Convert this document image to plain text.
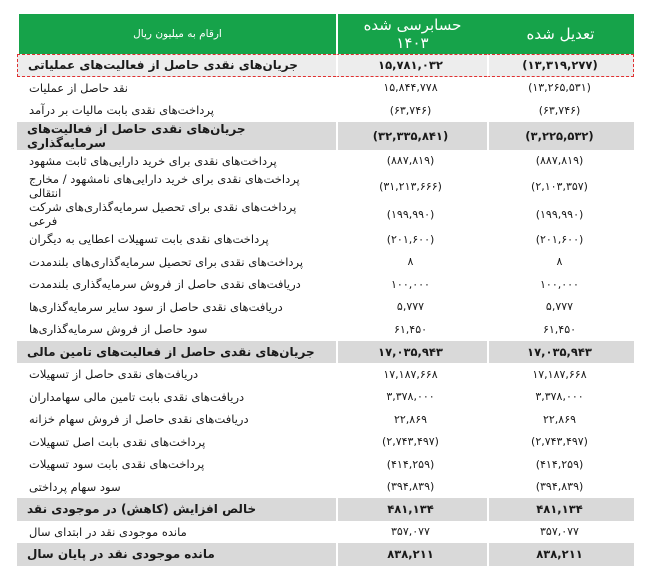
تعدیل شده	حسابرسی شده ۱۴۰۳	ارقام به میلیون ریال
(۱۳,۳۱۹,۲۷۷)	۱۵,۷۸۱,۰۳۲	جریان‌های نقدی حاصل از فعالیت‌های عملیاتی
(۱۳,۲۶۵,۵۳۱)	۱۵,۸۴۴,۷۷۸	نقد حاصل از عملیات
(۶۳,۷۴۶)	(۶۳,۷۴۶)	پرداخت‌های نقدی بابت مالیات بر درآمد
(۳,۲۲۵,۵۳۲)	(۳۲,۳۳۵,۸۴۱)	جریان‌های نقدی حاصل از فعالیت‌های سرمایه‌گذاری
(۸۸۷,۸۱۹)	(۸۸۷,۸۱۹)	پرداخت‌های نقدی برای خرید دارایی‌های ثابت مشهود
(۲,۱۰۳,۳۵۷)	(۳۱,۲۱۳,۶۶۶)	پرداخت‌های نقدی برای خرید دارایی‌های نامشهود / مخارج انتقالی
(۱۹۹,۹۹۰)	(۱۹۹,۹۹۰)	پرداخت‌های نقدی برای تحصیل سرمایه‌گذاری‌های شرکت فرعی
(۲۰۱,۶۰۰)	(۲۰۱,۶۰۰)	پرداخت‌های نقدی بابت تسهیلات اعطایی به دیگران
۸	۸	پرداخت‌های نقدی برای تحصیل سرمایه‌گذاری‌های بلندمدت
۱۰۰,۰۰۰	۱۰۰,۰۰۰	دریافت‌های نقدی حاصل از فروش سرمایه‌گذاری بلندمدت
۵,۷۷۷	۵,۷۷۷	دریافت‌های نقدی حاصل از سود سایر سرمایه‌گذاری‌ها
۶۱,۴۵۰	۶۱,۴۵۰	سود حاصل از فروش سرمایه‌گذاری‌ها
۱۷,۰۳۵,۹۴۳	۱۷,۰۳۵,۹۴۳	جریان‌های نقدی حاصل از فعالیت‌های تامین مالی
۱۷,۱۸۷,۶۶۸	۱۷,۱۸۷,۶۶۸	دریافت‌های نقدی حاصل از تسهیلات
۳,۳۷۸,۰۰۰	۳,۳۷۸,۰۰۰	دریافت‌های نقدی بابت تامین مالی سهامداران
۲۲,۸۶۹	۲۲,۸۶۹	دریافت‌های نقدی حاصل از فروش سهام خزانه
(۲,۷۴۳,۴۹۷)	(۲,۷۴۳,۴۹۷)	پرداخت‌های نقدی بابت اصل تسهیلات
(۴۱۴,۲۵۹)	(۴۱۴,۲۵۹)	پرداخت‌های نقدی بابت سود تسهیلات
(۳۹۴,۸۳۹)	(۳۹۴,۸۳۹)	سود سهام پرداختی
۴۸۱,۱۳۴	۴۸۱,۱۳۴	خالص افزایش (کاهش) در موجودی نقد
۳۵۷,۰۷۷	۳۵۷,۰۷۷	مانده موجودی نقد در ابتدای سال
۸۳۸,۲۱۱	۸۳۸,۲۱۱	مانده موجودی نقد در پایان سال
